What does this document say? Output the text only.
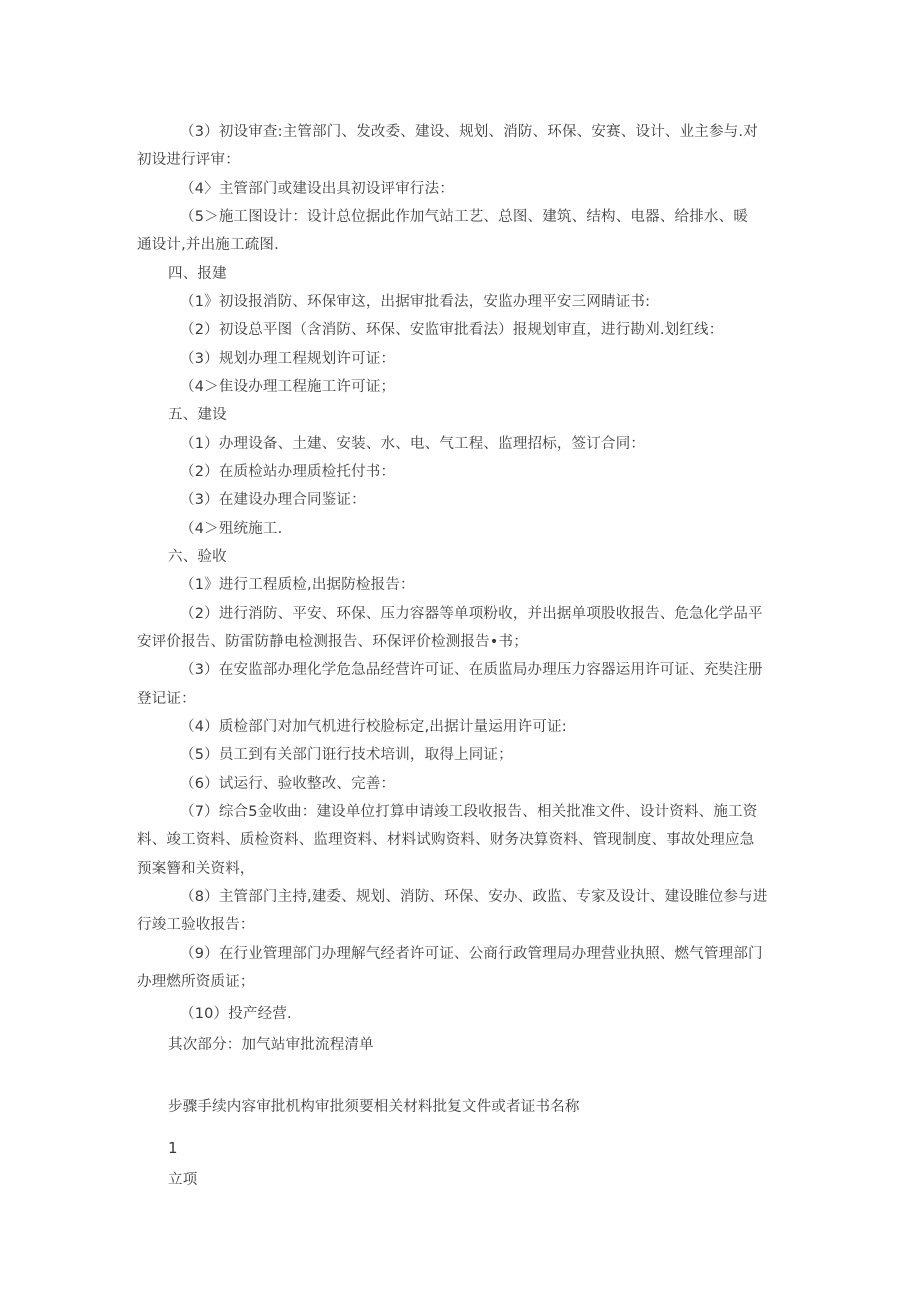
（3）初设审查:主管部门、发改委、建设、规划、消防、环保、安赛、设计、业主参与.对
初设进行评审：
（4〉主管部门或建设出具初设评审行法：
（5＞施工图设计：设计总位据此作加气站工艺、总图、建筑、结构、电器、给排水、暖
通设计,并出施工疏图.
四、报建
（1》初设报消防、环保审这，出据审批看法，安监办理平安三网睛证书:
（2）初设总平图（含消防、环保、安监审批看法）报规划审直，进行勘刈.划红线：
（3）规划办理工程规划许可证：
（4＞隹设办理工程施工许可证；
五、建设
（1）办理设备、土建、安装、水、电、气工程、监理招标，签订合同：
（2）在质检站办理质检托付书：
（3）在建设办理合同鉴证：
（4＞殂统施工.
六、验收
（1》进行工程质检,出据防检报告：
（2）进行消防、平安、环保、压力容器等单项粉收，并出据单项股收报告、危急化学品平
安评价报告、防雷防静电检测报告、环保评价检测报告•书；
（3）在安监部办理化学危急品经营许可证、在质监局办理压力容器运用许可证、充奘注册
登记证：
（4）质检部门对加气机进行校脸标定,出据计量运用许可证:
（5）员工到有关部门诳行技术培训，取得上同证；
（6）试运行、验收整改、完善：
（7）综合5金收曲：建设单位打算申请竣工段收报告、相关批准文件、设计资料、施工资
料、竣工资料、质检资料、监理资料、材料试购资料、财务决算资料、管现制度、事故处理应急
预案簪和关资料，
（8）主管部门主持,建委、规划、消防、环保、安办、政监、专家及设计、建设睢位参与进
行竣工验收报告：
（9）在行业管理部门办理解气经者许可证、公商行政管理局办理营业执照、燃气管理部门
办理燃所资质证；
（10）投产经营.
其次部分：加气站审批流程清单
步骤手续内容审批机构审批须要相关材料批复文件或者证书名称
1
立项
